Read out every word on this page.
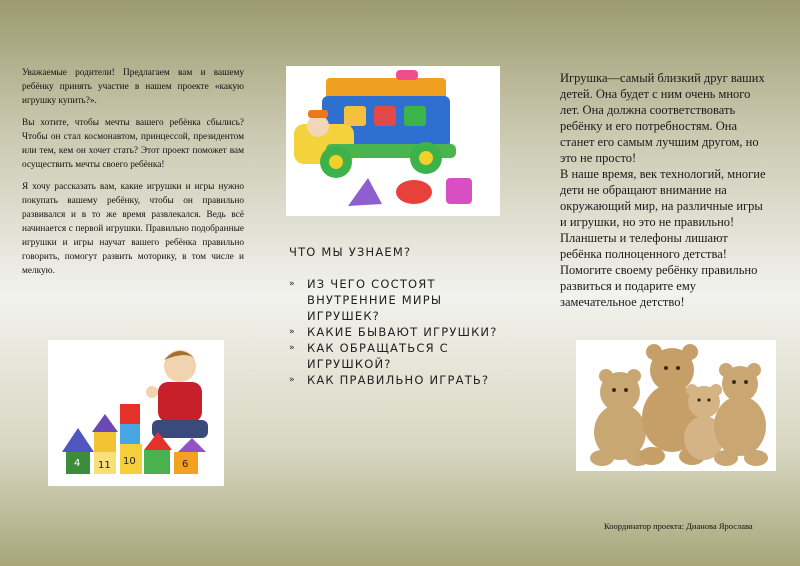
Уважаемые родители! Предлагаем вам и вашему ребёнку принять участие в нашем проекте «какую игрушку купить?».

Вы хотите, чтобы мечты вашего ребёнка сбылись? Чтобы он стал космонавтом, принцессой, президентом или тем, кем он хочет стать? Этот проект поможет вам осуществить мечты своего ребёнка!

Я хочу рассказать вам, какие игрушки и игры нужно покупать вашему ребёнку, чтобы он правильно развивался и в то же время развлекался. Ведь всё начинается с первой игрушки. Правильно подобранные игрушки и игры научат вашего ребёнка правильно говорить, помогут развить моторику, в том числе и мелкую.

ЧТО МЫ УЗНАЕМ?
» ИЗ ЧЕГО СОСТОЯТ ВНУТРЕННИЕ МИРЫ ИГРУШЕК?
» КАКИЕ БЫВАЮТ ИГРУШКИ?
» КАК ОБРАЩАТЬСЯ С ИГРУШКОЙ?
» КАК ПРАВИЛЬНО ИГРАТЬ?

Игрушка—самый близкий друг ваших детей. Она будет с ним очень много лет. Она должна соответствовать ребёнку и его потребностям. Она станет его самым лучшим другом, но это не просто!

В наше время, век технологий, многие дети не обращают внимание на окружающий мир, на различные игры и игрушки, но это не правильно! Планшеты и телефоны лишают ребёнка полноценного детства! Помогите своему ребёнку правильно развиться и подарите ему замечательное детство!

11
4	10	6
Координатор проекта: Дианова Ярослава
